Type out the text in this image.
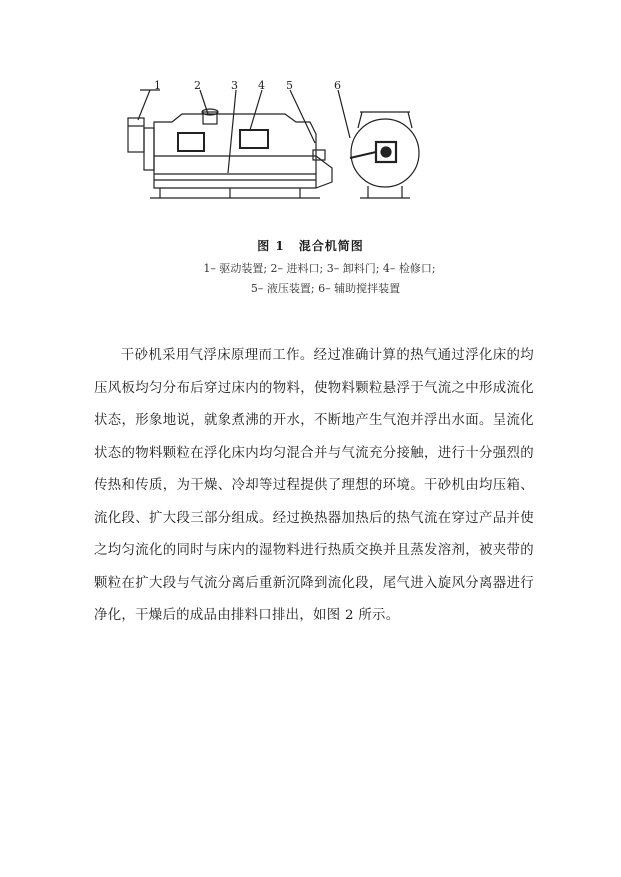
1	2	3 4 5	6
图 1 混合机简图
1– 驱动装置; 2– 进料口; 3– 卸料门; 4– 检修口;
5– 液压装置; 6– 辅助搅拌装置

干砂机采用气浮床原理而工作。经过准确计算的热气通过浮化床的均压风板均匀分布后穿过床内的物料，使物料颗粒悬浮于气流之中形成流化状态，形象地说，就象煮沸的开水，不断地产生气泡并浮出水面。呈流化状态的物料颗粒在浮化床内均匀混合并与气流充分接触，进行十分强烈的传热和传质，为干燥、冷却等过程提供了理想的环境。干砂机由均压箱、流化段、扩大段三部分组成。经过换热器加热后的热气流在穿过产品并使之均匀流化的同时与床内的湿物料进行热质交换并且蒸发溶剂，被夹带的颗粒在扩大段与气流分离后重新沉降到流化段，尾气进入旋风分离器进行净化，干燥后的成品由排料口排出，如图 2 所示。
